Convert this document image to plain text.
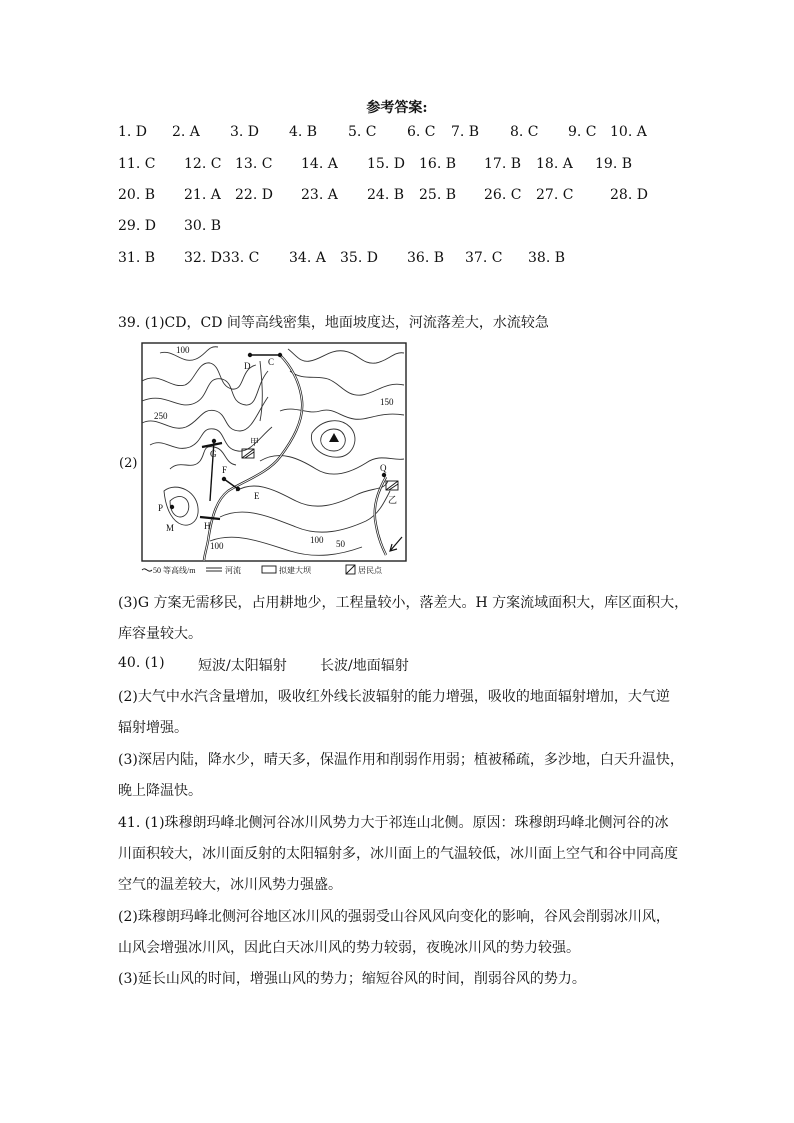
参考答案:
1. D 2. A 3. D 4. B 5. C 6. C 7. B 8. C 9. C 10. A
11. C 12. C 13. C 14. A 15. D 16. B 17. B 18. A 19. B
20. B 21. A 22. D 23. A 24. B 25. B 26. C 27. C	28. D
29. D 30. B
31. B 32. D33. C 34. A 35. D 36. B 37. C 38. B
39. (1)CD，CD 间等高线密集，地面坡度达，河流落差大，水流较急
(2)
100
250
150
100
100 50
D C
G
F
E
P
M	H
Q
甲
乙
50 等高线/m	河流	拟建大坝	居民点
(3)G 方案无需移民，占用耕地少，工程量较小，落差大。H 方案流域面积大，库区面积大，
库容量较大。
40. (1) 短波/太阳辐射 长波/地面辐射
(2)大气中水汽含量增加，吸收红外线长波辐射的能力增强，吸收的地面辐射增加，大气逆
辐射增强。
(3)深居内陆，降水少，晴天多，保温作用和削弱作用弱；植被稀疏，多沙地，白天升温快，
晚上降温快。
41. (1)珠穆朗玛峰北侧河谷冰川风势力大于祁连山北侧。原因：珠穆朗玛峰北侧河谷的冰
川面积较大，冰川面反射的太阳辐射多，冰川面上的气温较低，冰川面上空气和谷中同高度
空气的温差较大，冰川风势力强盛。
(2)珠穆朗玛峰北侧河谷地区冰川风的强弱受山谷风风向变化的影响，谷风会削弱冰川风，
山风会增强冰川风，因此白天冰川风的势力较弱，夜晚冰川风的势力较强。
(3)延长山风的时间，增强山风的势力；缩短谷风的时间，削弱谷风的势力。
